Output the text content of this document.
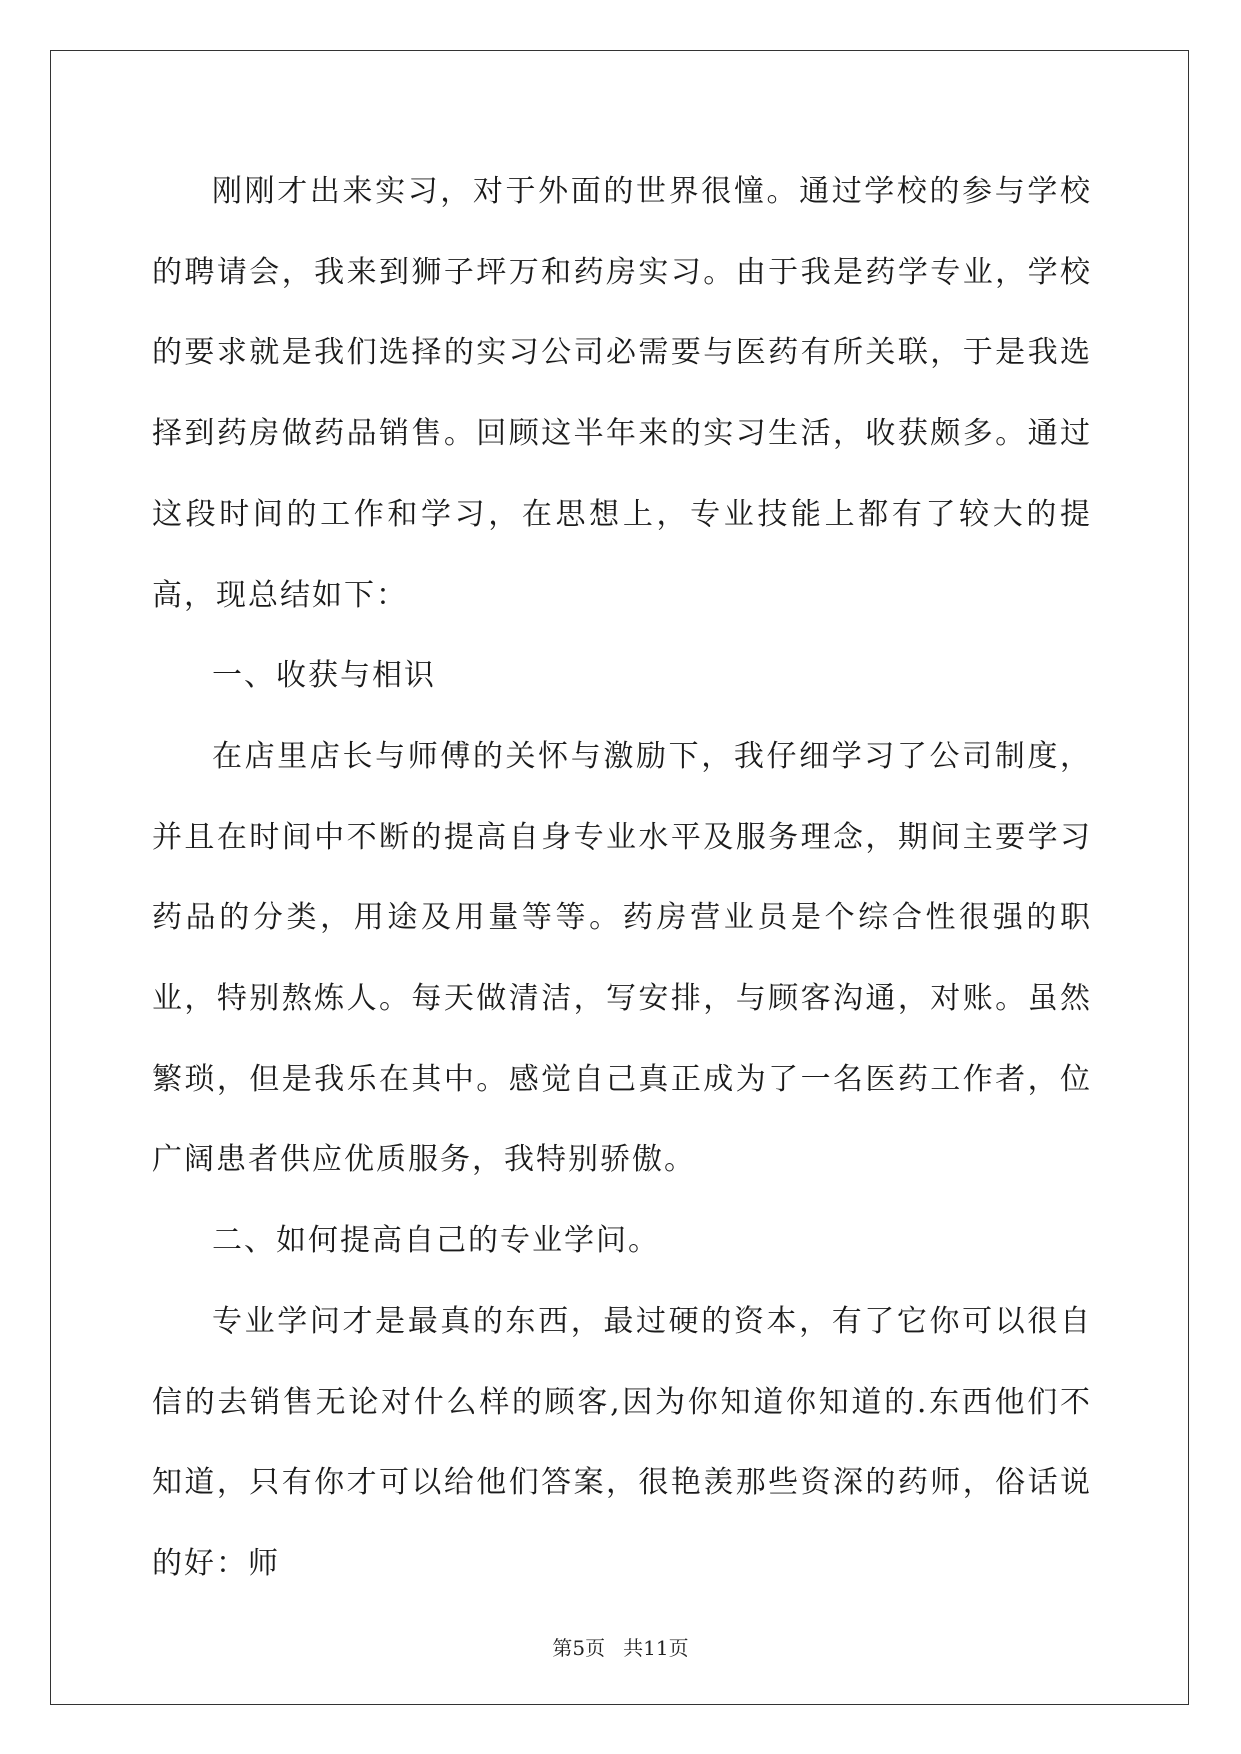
刚刚才出来实习，对于外面的世界很憧。通过学校的参与学校的聘请会，我来到狮子坪万和药房实习。由于我是药学专业，学校的要求就是我们选择的实习公司必需要与医药有所关联，于是我选择到药房做药品销售。回顾这半年来的实习生活，收获颇多。通过这段时间的工作和学习，在思想上，专业技能上都有了较大的提高，现总结如下：

一、收获与相识

在店里店长与师傅的关怀与激励下，我仔细学习了公司制度，并且在时间中不断的提高自身专业水平及服务理念，期间主要学习药品的分类，用途及用量等等。药房营业员是个综合性很强的职业，特别熬炼人。每天做清洁，写安排，与顾客沟通，对账。虽然繁琐，但是我乐在其中。感觉自己真正成为了一名医药工作者，位广阔患者供应优质服务，我特别骄傲。

二、如何提高自己的专业学问。

专业学问才是最真的东西，最过硬的资本，有了它你可以很自信的去销售无论对什么样的顾客,因为你知道你知道的.东西他们不知道，只有你才可以给他们答案，很艳羡那些资深的药师，俗话说的好：师

第5页 共11页
